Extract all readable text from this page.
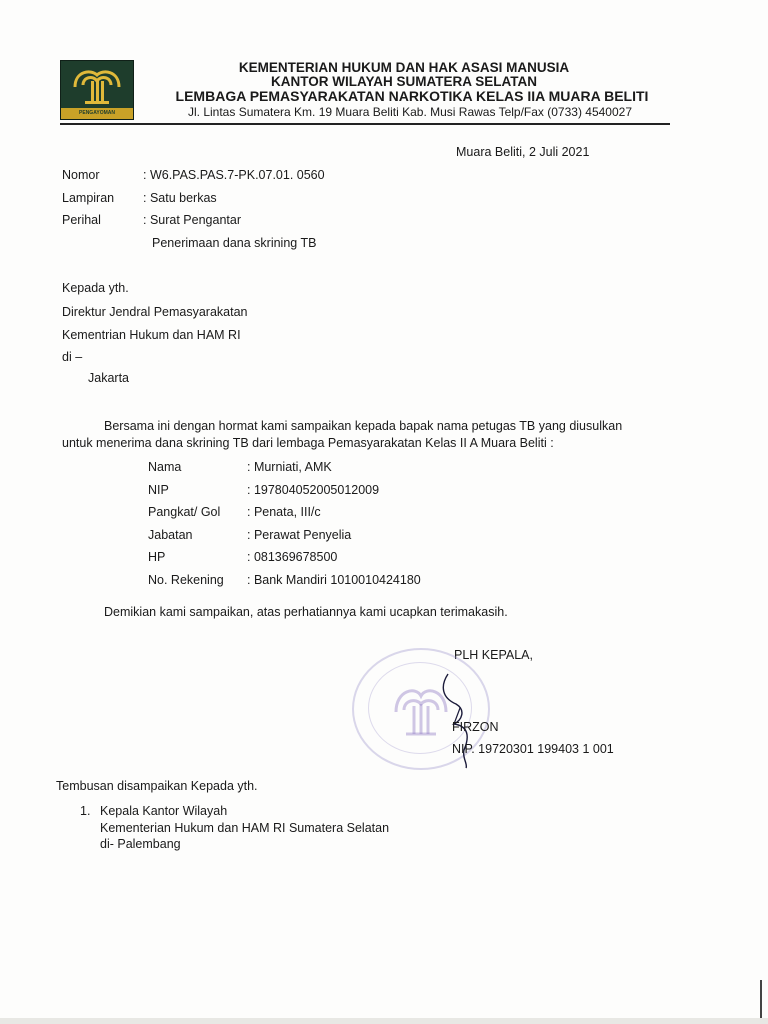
PENGAYOMAN
KEMENTERIAN HUKUM DAN HAK ASASI MANUSIA
KANTOR WILAYAH SUMATERA SELATAN
LEMBAGA PEMASYARAKATAN NARKOTIKA KELAS IIA MUARA BELITI
Jl. Lintas Sumatera Km. 19 Muara Beliti Kab. Musi Rawas Telp/Fax (0733) 4540027
Muara Beliti, 2 Juli 2021
Nomor	: W6.PAS.PAS.7-PK.07.01. 0560
Lampiran : Satu berkas
Perihal	: Surat Pengantar
Penerimaan dana skrining TB
Kepada yth.
Direktur Jendral Pemasyarakatan
Kementrian Hukum dan HAM RI
di –
Jakarta
Bersama ini dengan hormat kami sampaikan kepada bapak nama petugas TB yang diusulkan
untuk menerima dana skrining TB dari lembaga Pemasyarakatan Kelas II A Muara Beliti :
Nama	: Murniati, AMK
NIP	: 197804052005012009
Pangkat/ Gol : Penata, III/c
Jabatan	: Perawat Penyelia
HP	: 081369678500
No. Rekening : Bank Mandiri 1010010424180
Demikian kami sampaikan, atas perhatiannya kami ucapkan terimakasih.
PLH KEPALA,
FIRZON
NIP. 19720301 199403 1 001
Tembusan disampaikan Kepada yth.
1. Kepala Kantor Wilayah
Kementerian Hukum dan HAM RI Sumatera Selatan
di- Palembang
